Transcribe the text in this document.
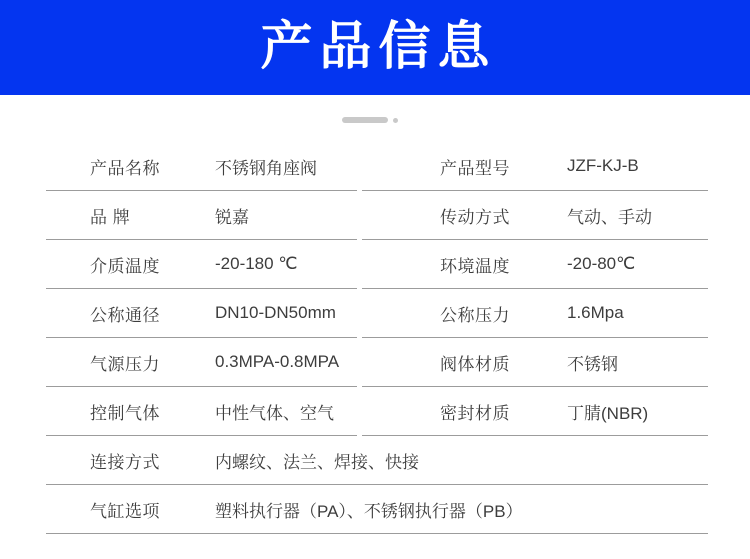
产品信息
产品名称	不锈钢角座阀	产品型号	JZF-KJ-B
品 牌	锐嘉	传动方式	气动、手动
介质温度	-20-180 ℃	环境温度	-20-80℃
公称通径	DN10-DN50mm	公称压力	1.6Mpa
气源压力	0.3MPA-0.8MPA	阀体材质	不锈钢
控制气体	中性气体、空气	密封材质	丁腈(NBR)
连接方式	内螺纹、法兰、焊接、快接
气缸选项	塑料执行器（PA）、不锈钢执行器（PB）
